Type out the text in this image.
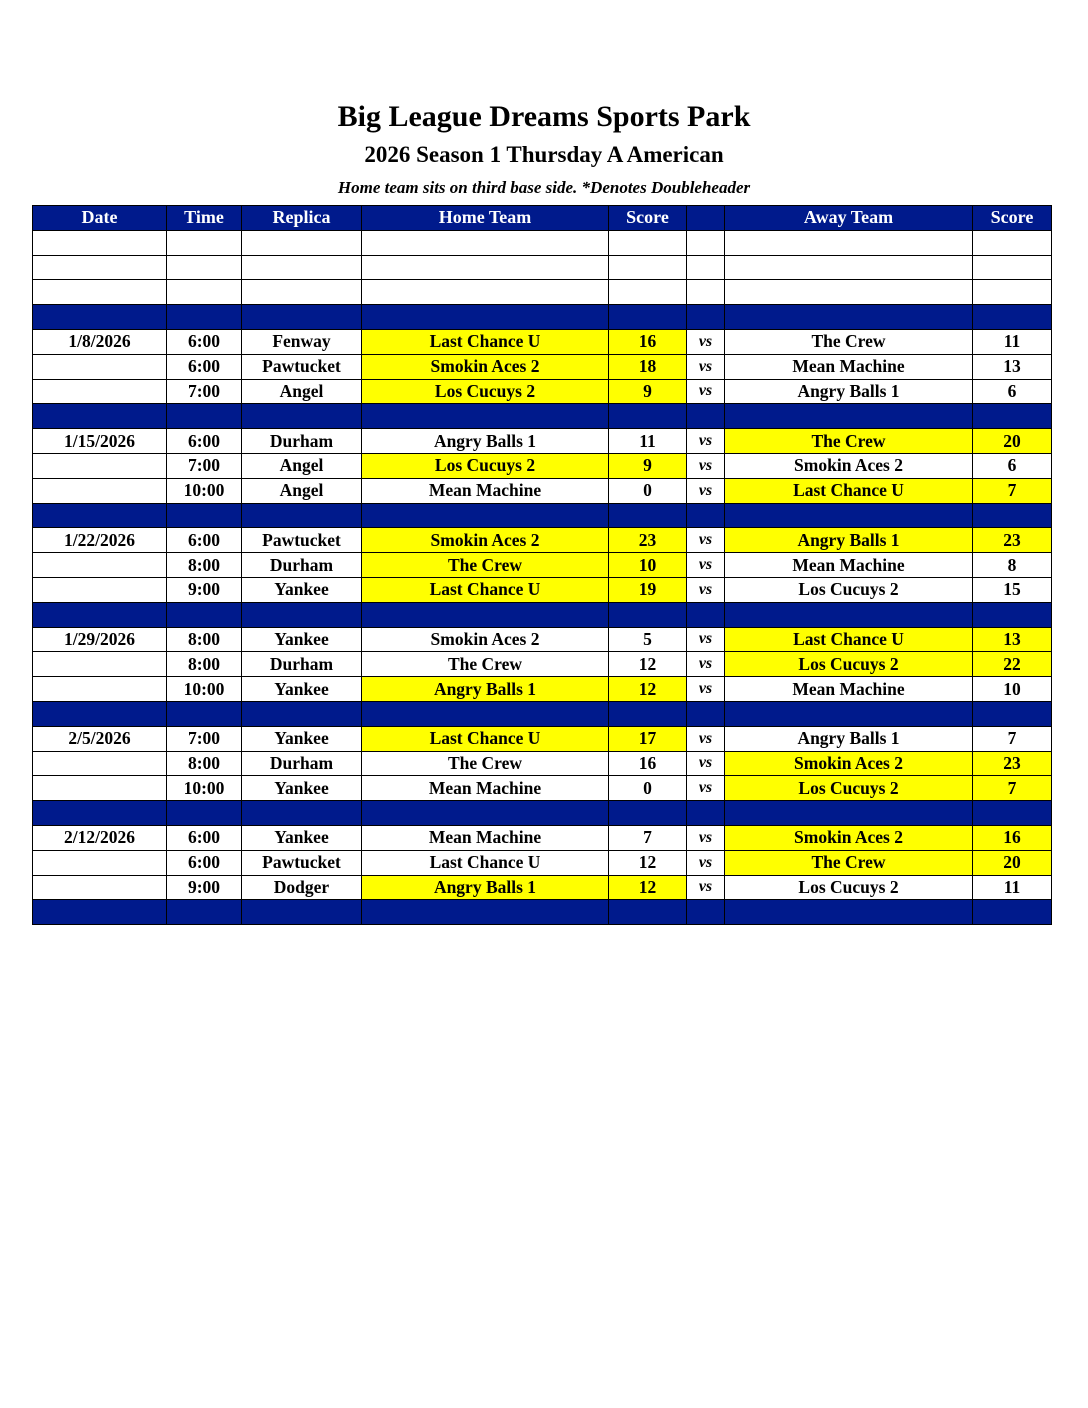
Big League Dreams Sports Park
2026 Season 1 Thursday A American
Home team sits on third base side. *Denotes Doubleheader
Date	Time	Replica	Home Team	Score		Away Team	Score

1/8/2026	6:00	Fenway	Last Chance U	16	vs	The Crew	11
	6:00	Pawtucket	Smokin Aces 2	18	vs	Mean Machine	13
	7:00	Angel	Los Cucuys 2	9	vs	Angry Balls 1	6

1/15/2026	6:00	Durham	Angry Balls 1	11	vs	The Crew	20
	7:00	Angel	Los Cucuys 2	9	vs	Smokin Aces 2	6
	10:00	Angel	Mean Machine	0	vs	Last Chance U	7

1/22/2026	6:00	Pawtucket	Smokin Aces 2	23	vs	Angry Balls 1	23
	8:00	Durham	The Crew	10	vs	Mean Machine	8
	9:00	Yankee	Last Chance U	19	vs	Los Cucuys 2	15

1/29/2026	8:00	Yankee	Smokin Aces 2	5	vs	Last Chance U	13
	8:00	Durham	The Crew	12	vs	Los Cucuys 2	22
	10:00	Yankee	Angry Balls 1	12	vs	Mean Machine	10

2/5/2026	7:00	Yankee	Last Chance U	17	vs	Angry Balls 1	7
	8:00	Durham	The Crew	16	vs	Smokin Aces 2	23
	10:00	Yankee	Mean Machine	0	vs	Los Cucuys 2	7

2/12/2026	6:00	Yankee	Mean Machine	7	vs	Smokin Aces 2	16
	6:00	Pawtucket	Last Chance U	12	vs	The Crew	20
	9:00	Dodger	Angry Balls 1	12	vs	Los Cucuys 2	11
